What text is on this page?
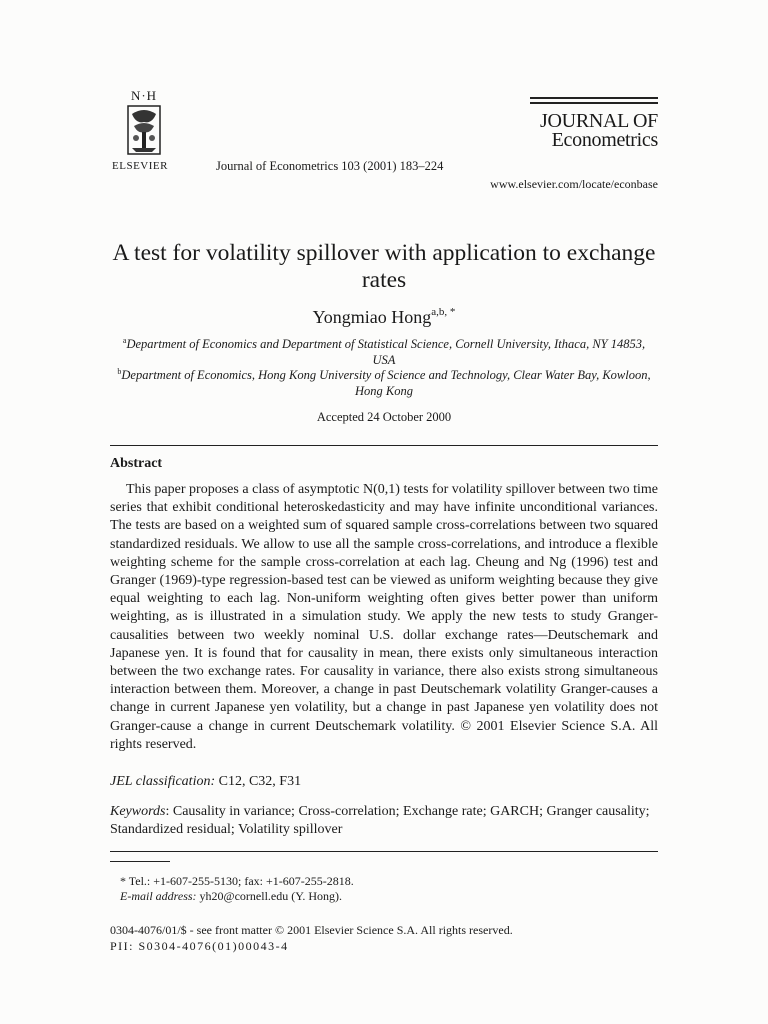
N·H
ELSEVIER	Journal of Econometrics 103 (2001) 183–224
www.elsevier.com/locate/econbase
JOURNAL OF
Econometrics
A test for volatility spillover with application to exchange rates
Yongmiao Hong$^{a,b, *}$
$^a$Department of Economics and Department of Statistical Science, Cornell University, Ithaca, NY 14853, USA
$^b$Department of Economics, Hong Kong University of Science and Technology, Clear Water Bay, Kowloon, Hong Kong
Accepted 24 October 2000
Abstract
This paper proposes a class of asymptotic N(0,1) tests for volatility spillover between two time series that exhibit conditional heteroskedasticity and may have infinite unconditional variances. The tests are based on a weighted sum of squared sample cross-correlations between two squared standardized residuals. We allow to use all the sample cross-correlations, and introduce a flexible weighting scheme for the sample cross-correlation at each lag. Cheung and Ng (1996) test and Granger (1969)-type regression-based test can be viewed as uniform weighting because they give equal weighting to each lag. Non-uniform weighting often gives better power than uniform weighting, as is illustrated in a simulation study. We apply the new tests to study Granger-causalities between two weekly nominal U.S. dollar exchange rates—Deutschemark and Japanese yen. It is found that for causality in mean, there exists only simultaneous interaction between the two exchange rates. For causality in variance, there also exists strong simultaneous interaction between them. Moreover, a change in past Deutschemark volatility Granger-causes a change in current Japanese yen volatility, but a change in past Japanese yen volatility does not Granger-cause a change in current Deutschemark volatility. © 2001 Elsevier Science S.A. All rights reserved.
JEL classification: C12, C32, F31
Keywords: Causality in variance; Cross-correlation; Exchange rate; GARCH; Granger causality; Standardized residual; Volatility spillover
* Tel.: +1-607-255-5130; fax: +1-607-255-2818.
E-mail address: yh20@cornell.edu (Y. Hong).
0304-4076/01/$ - see front matter © 2001 Elsevier Science S.A. All rights reserved.
PII: S0304-4076(01)00043-4
